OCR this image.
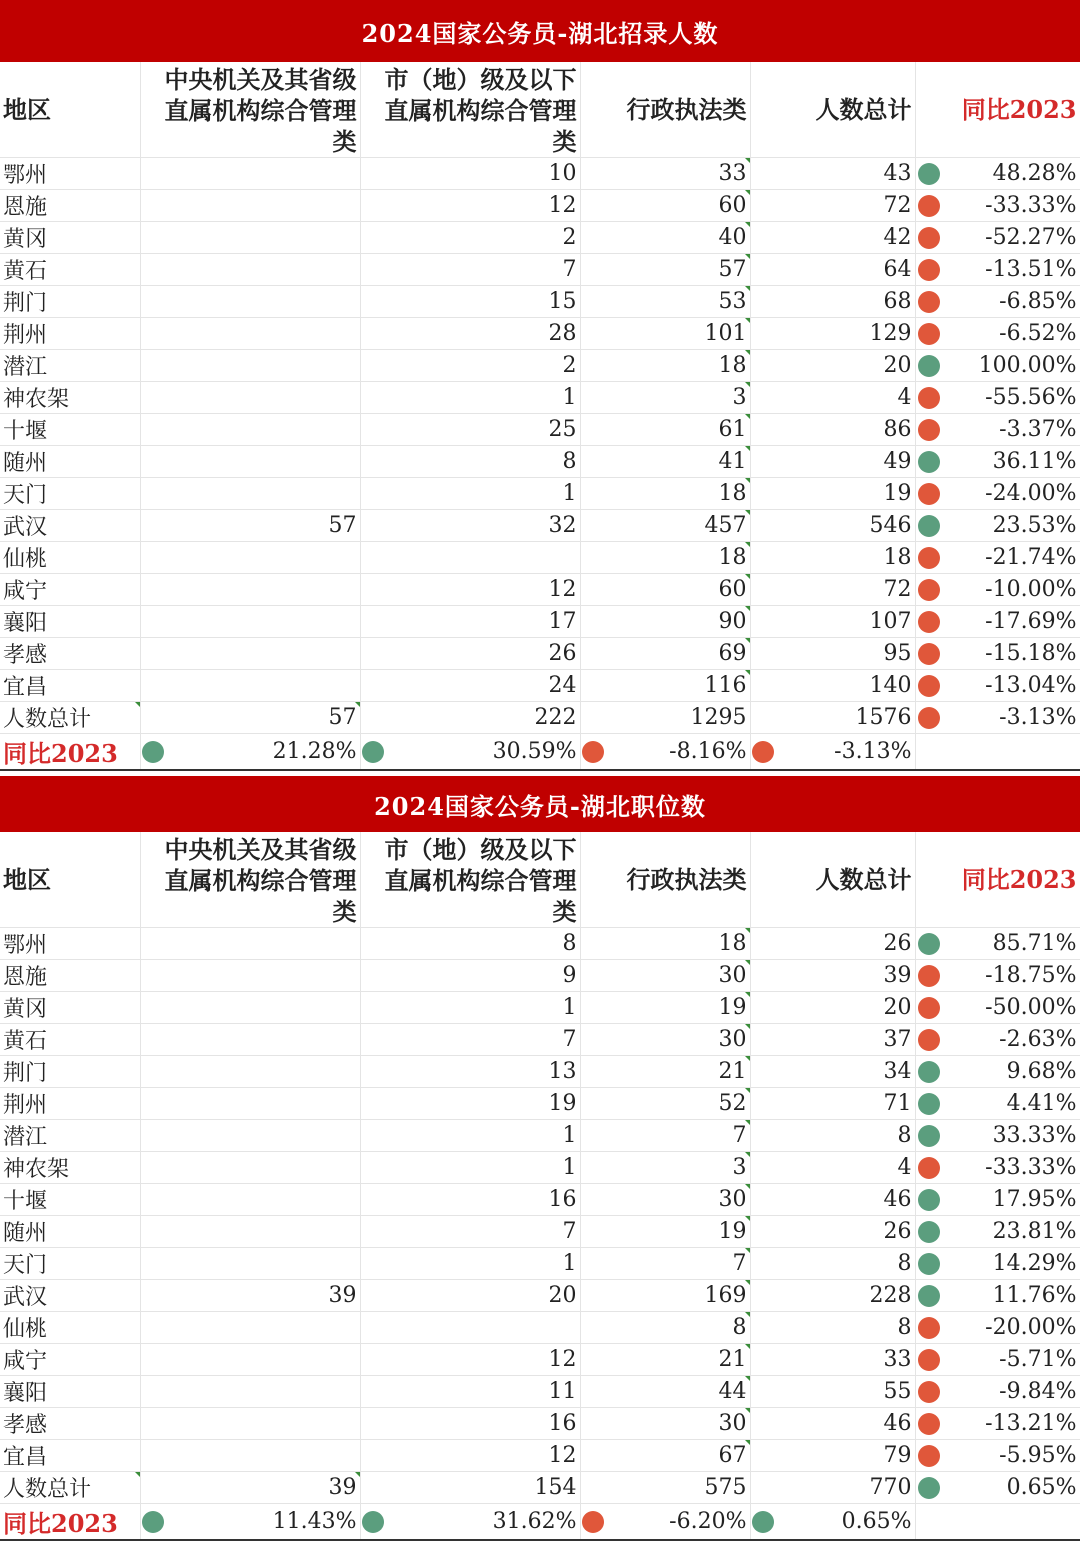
2024国家公务员-湖北招录人数
地区	中央机关及其省级直属机构综合管理类	市（地）级及以下直属机构综合管理类	行政执法类	人数总计	同比2023
鄂州		10	33	43	48.28%

恩施		12	60	72	-33.33%

黄冈		2	40	42	-52.27%

黄石		7	57	64	-13.51%

荆门		15	53	68	-6.85%

荆州		28	101	129	-6.52%

潜江		2	18	20	100.00%

神农架		1	3	4	-55.56%

十堰		25	61	86	-3.37%

随州		8	41	49	36.11%

天门		1	18	19	-24.00%

武汉	57	32	457	546	23.53%

仙桃			18	18	-21.74%

咸宁		12	60	72	-10.00%

襄阳		17	90	107	-17.69%

孝感		26	69	95	-15.18%

宜昌		24	116	140	-13.04%

人数总计	57	222	1295	1576	-3.13%

同比2023	21.28%	30.59%	-8.16%	-3.13%	
2024国家公务员-湖北职位数
地区	中央机关及其省级直属机构综合管理类	市（地）级及以下直属机构综合管理类	行政执法类	人数总计	同比2023
鄂州		8	18	26	85.71%

恩施		9	30	39	-18.75%

黄冈		1	19	20	-50.00%

黄石		7	30	37	-2.63%

荆门		13	21	34	9.68%

荆州		19	52	71	4.41%

潜江		1	7	8	33.33%

神农架		1	3	4	-33.33%

十堰		16	30	46	17.95%

随州		7	19	26	23.81%

天门		1	7	8	14.29%

武汉	39	20	169	228	11.76%

仙桃			8	8	-20.00%

咸宁		12	21	33	-5.71%

襄阳		11	44	55	-9.84%

孝感		16	30	46	-13.21%

宜昌		12	67	79	-5.95%

人数总计	39	154	575	770	0.65%

同比2023	11.43%	31.62%	-6.20%	0.65%	
